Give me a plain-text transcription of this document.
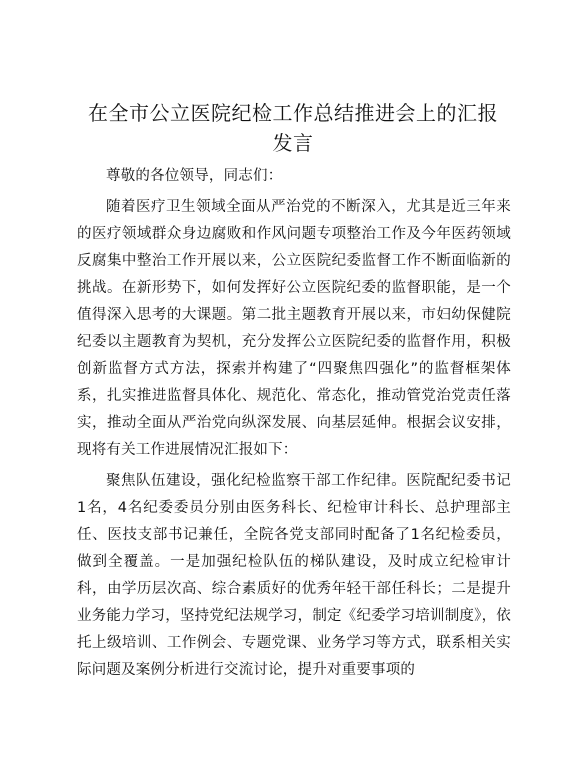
在全市公立医院纪检工作总结推进会上的汇报
发言

尊敬的各位领导，同志们：

随着医疗卫生领域全面从严治党的不断深入，尤其是近三年来的医疗领域群众身边腐败和作风问题专项整治工作及今年医药领域反腐集中整治工作开展以来，公立医院纪委监督工作不断面临新的挑战。在新形势下，如何发挥好公立医院纪委的监督职能，是一个值得深入思考的大课题。第二批主题教育开展以来，市妇幼保健院纪委以主题教育为契机，充分发挥公立医院纪委的监督作用，积极创新监督方式方法，探索并构建了“四聚焦四强化”的监督框架体系，扎实推进监督具体化、规范化、常态化，推动管党治党责任落实，推动全面从严治党向纵深发展、向基层延伸。根据会议安排，现将有关工作进展情况汇报如下：

聚焦队伍建设，强化纪检监察干部工作纪律。医院配纪委书记1名，4名纪委委员分别由医务科长、纪检审计科长、总护理部主任、医技支部书记兼任，全院各党支部同时配备了1名纪检委员，做到全覆盖。一是加强纪检队伍的梯队建设，及时成立纪检审计科，由学历层次高、综合素质好的优秀年轻干部任科长；二是提升业务能力学习，坚持党纪法规学习，制定《纪委学习培训制度》，依托上级培训、工作例会、专题党课、业务学习等方式，联系相关实际问题及案例分析进行交流讨论，提升对重要事项的
